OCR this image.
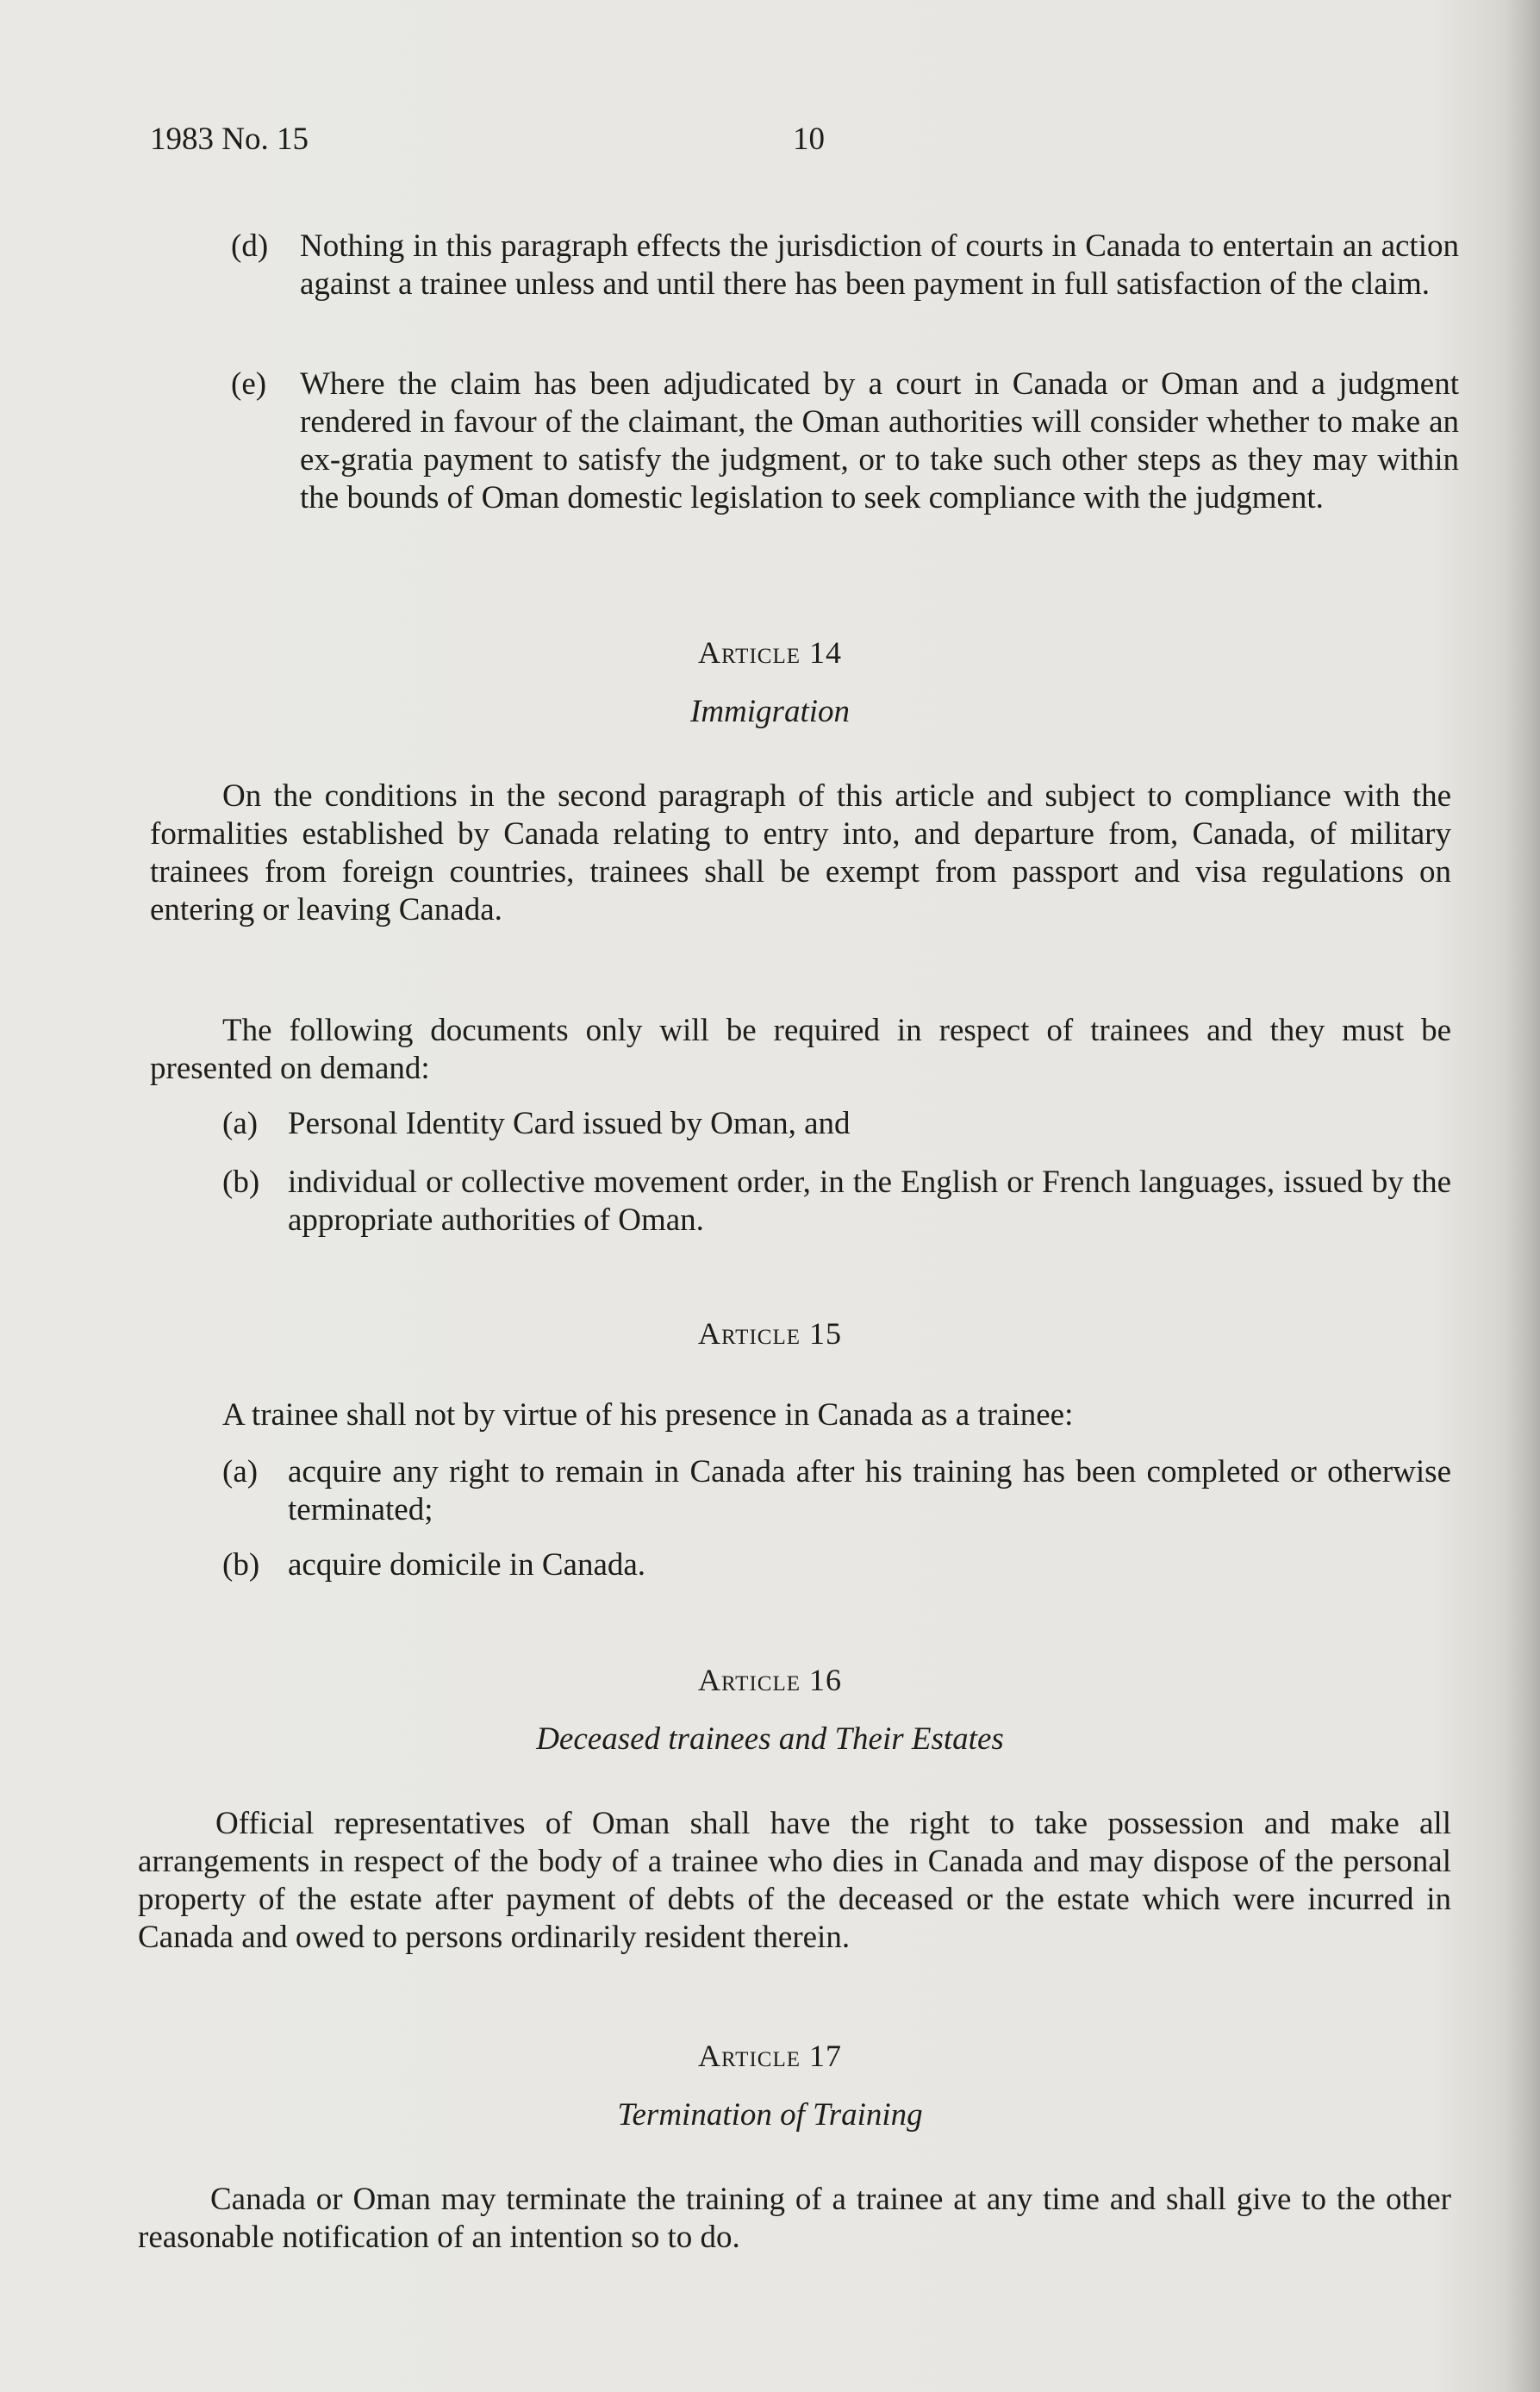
1983 No. 15	10
(d) Nothing in this paragraph effects the jurisdiction of courts in Canada to entertain an action against a trainee unless and until there has been payment in full satisfaction of the claim.
(e) Where the claim has been adjudicated by a court in Canada or Oman and a judgment rendered in favour of the claimant, the Oman authorities will consider whether to make an ex-gratia payment to satisfy the judgment, or to take such other steps as they may within the bounds of Oman domestic legislation to seek compliance with the judgment.
Article 14
Immigration

On the conditions in the second paragraph of this article and subject to compliance with the formalities established by Canada relating to entry into, and departure from, Canada, of military trainees from foreign countries, trainees shall be exempt from passport and visa regulations on entering or leaving Canada.

The following documents only will be required in respect of trainees and they must be presented on demand:

(a) Personal Identity Card issued by Oman, and
(b) individual or collective movement order, in the English or French languages, issued by the appropriate authorities of Oman.
Article 15

A trainee shall not by virtue of his presence in Canada as a trainee:

(a) acquire any right to remain in Canada after his training has been completed or otherwise terminated;
(b) acquire domicile in Canada.
Article 16
Deceased trainees and Their Estates

Official representatives of Oman shall have the right to take possession and make all arrangements in respect of the body of a trainee who dies in Canada and may dispose of the personal property of the estate after payment of debts of the deceased or the estate which were incurred in Canada and owed to persons ordinarily resident therein.

Article 17
Termination of Training

Canada or Oman may terminate the training of a trainee at any time and shall give to the other reasonable notification of an intention so to do.
